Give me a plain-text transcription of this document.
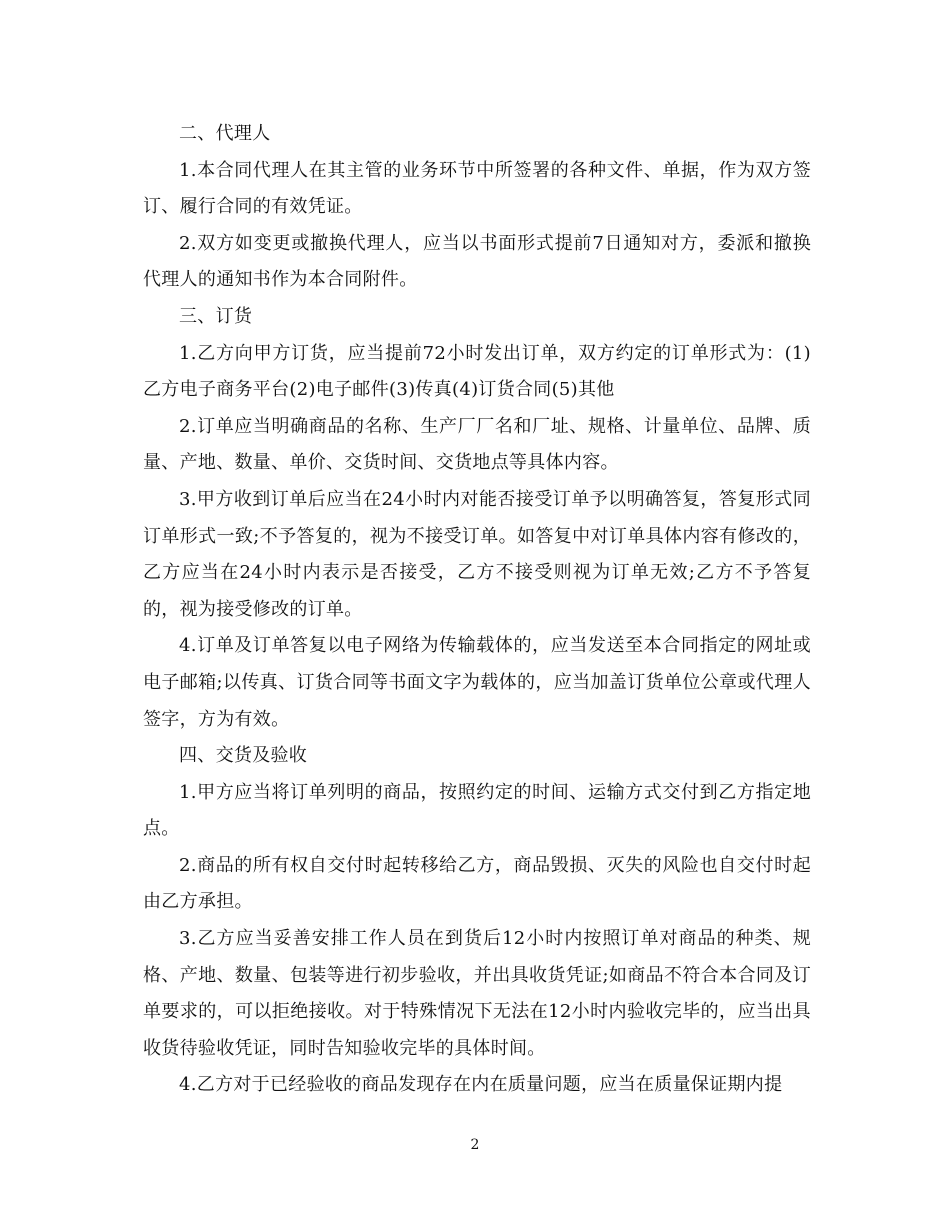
二、代理人

1.本合同代理人在其主管的业务环节中所签署的各种文件、单据，作为双方签订、履行合同的有效凭证。

2.双方如变更或撤换代理人，应当以书面形式提前7日通知对方，委派和撤换代理人的通知书作为本合同附件。

三、订货

1.乙方向甲方订货，应当提前72小时发出订单，双方约定的订单形式为：(1)乙方电子商务平台(2)电子邮件(3)传真(4)订货合同(5)其他

2.订单应当明确商品的名称、生产厂厂名和厂址、规格、计量单位、品牌、质量、产地、数量、单价、交货时间、交货地点等具体内容。

3.甲方收到订单后应当在24小时内对能否接受订单予以明确答复，答复形式同订单形式一致;不予答复的，视为不接受订单。如答复中对订单具体内容有修改的，乙方应当在24小时内表示是否接受，乙方不接受则视为订单无效;乙方不予答复的，视为接受修改的订单。

4.订单及订单答复以电子网络为传输载体的，应当发送至本合同指定的网址或电子邮箱;以传真、订货合同等书面文字为载体的，应当加盖订货单位公章或代理人签字，方为有效。

四、交货及验收

1.甲方应当将订单列明的商品，按照约定的时间、运输方式交付到乙方指定地点。

2.商品的所有权自交付时起转移给乙方，商品毁损、灭失的风险也自交付时起由乙方承担。

3.乙方应当妥善安排工作人员在到货后12小时内按照订单对商品的种类、规格、产地、数量、包装等进行初步验收，并出具收货凭证;如商品不符合本合同及订单要求的，可以拒绝接收。对于特殊情况下无法在12小时内验收完毕的，应当出具收货待验收凭证，同时告知验收完毕的具体时间。

4.乙方对于已经验收的商品发现存在内在质量问题，应当在质量保证期内提

2
